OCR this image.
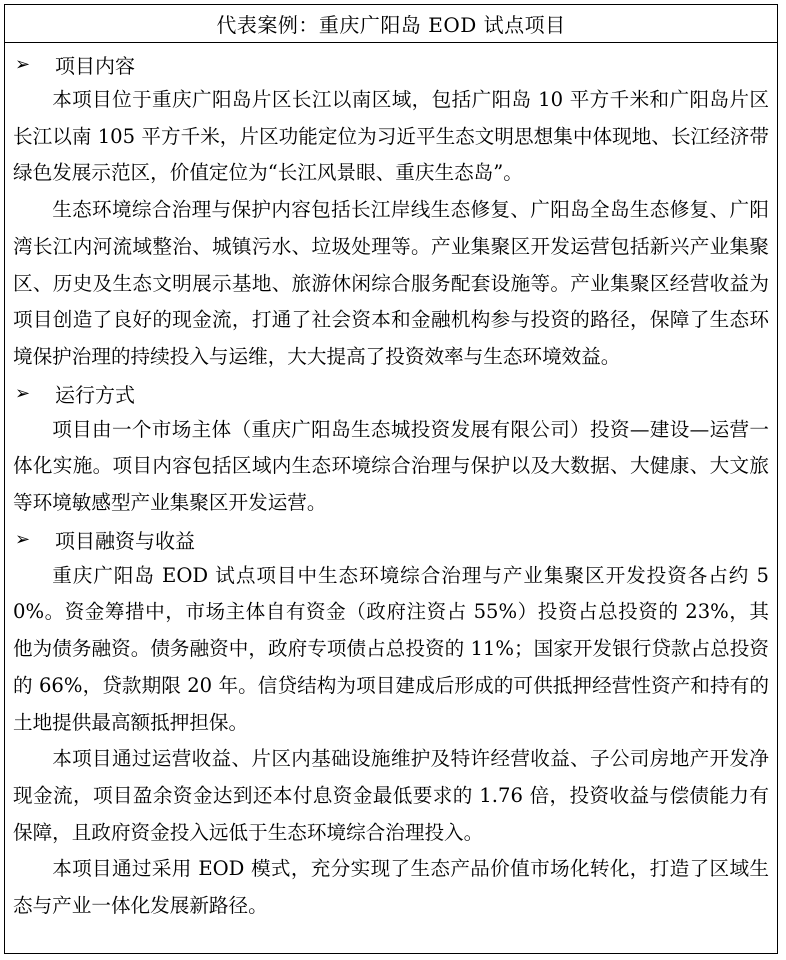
代表案例：重庆广阳岛 EOD 试点项目
➢	项目内容

本项目位于重庆广阳岛片区长江以南区域，包括广阳岛 10 平方千米和广阳岛片区长江以南 105 平方千米，片区功能定位为习近平生态文明思想集中体现地、长江经济带绿色发展示范区，价值定位为“长江风景眼、重庆生态岛”。

生态环境综合治理与保护内容包括长江岸线生态修复、广阳岛全岛生态修复、广阳湾长江内河流域整治、城镇污水、垃圾处理等。产业集聚区开发运营包括新兴产业集聚区、历史及生态文明展示基地、旅游休闲综合服务配套设施等。产业集聚区经营收益为项目创造了良好的现金流，打通了社会资本和金融机构参与投资的路径，保障了生态环境保护治理的持续投入与运维，大大提高了投资效率与生态环境效益。

➢	运行方式

项目由一个市场主体（重庆广阳岛生态城投资发展有限公司）投资—建设—运营一体化实施。项目内容包括区域内生态环境综合治理与保护以及大数据、大健康、大文旅等环境敏感型产业集聚区开发运营。

➢	项目融资与收益

重庆广阳岛 EOD 试点项目中生态环境综合治理与产业集聚区开发投资各占约 50%。资金筹措中，市场主体自有资金（政府注资占 55%）投资占总投资的 23%，其他为债务融资。债务融资中，政府专项债占总投资的 11%；国家开发银行贷款占总投资的 66%，贷款期限 20 年。信贷结构为项目建成后形成的可供抵押经营性资产和持有的土地提供最高额抵押担保。

本项目通过运营收益、片区内基础设施维护及特许经营收益、子公司房地产开发净现金流，项目盈余资金达到还本付息资金最低要求的 1.76 倍，投资收益与偿债能力有保障，且政府资金投入远低于生态环境综合治理投入。

本项目通过采用 EOD 模式，充分实现了生态产品价值市场化转化，打造了区域生态与产业一体化发展新路径。
